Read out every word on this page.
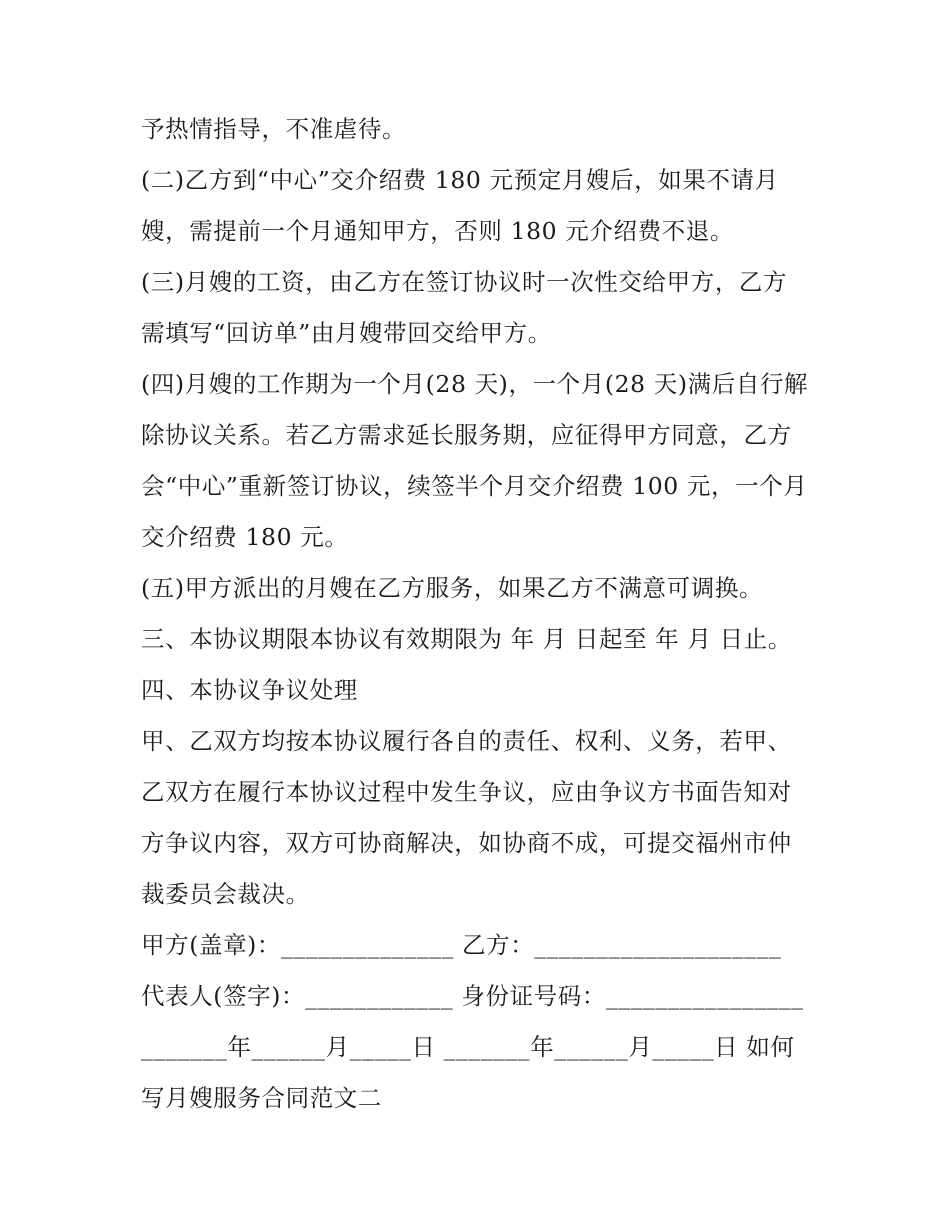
予热情指导，不准虐待。
(二)乙方到“中心”交介绍费 180 元预定月嫂后，如果不请月
嫂，需提前一个月通知甲方，否则 180 元介绍费不退。
(三)月嫂的工资，由乙方在签订协议时一次性交给甲方，乙方
需填写“回访单”由月嫂带回交给甲方。
(四)月嫂的工作期为一个月(28 天)，一个月(28 天)满后自行解
除协议关系。若乙方需求延长服务期，应征得甲方同意，乙方
会“中心”重新签订协议，续签半个月交介绍费 100 元，一个月
交介绍费 180 元。
(五)甲方派出的月嫂在乙方服务，如果乙方不满意可调换。
三、本协议期限本协议有效期限为 年 月 日起至 年 月 日止。
四、本协议争议处理
甲、乙双方均按本协议履行各自的责任、权利、义务，若甲、
乙双方在履行本协议过程中发生争议，应由争议方书面告知对
方争议内容，双方可协商解决，如协商不成，可提交福州市仲
裁委员会裁决。
甲方(盖章)：______________ 乙方：____________________
代表人(签字)：____________ 身份证号码：________________
_______年______月_____日 _______年______月_____日 如何
写月嫂服务合同范文二
